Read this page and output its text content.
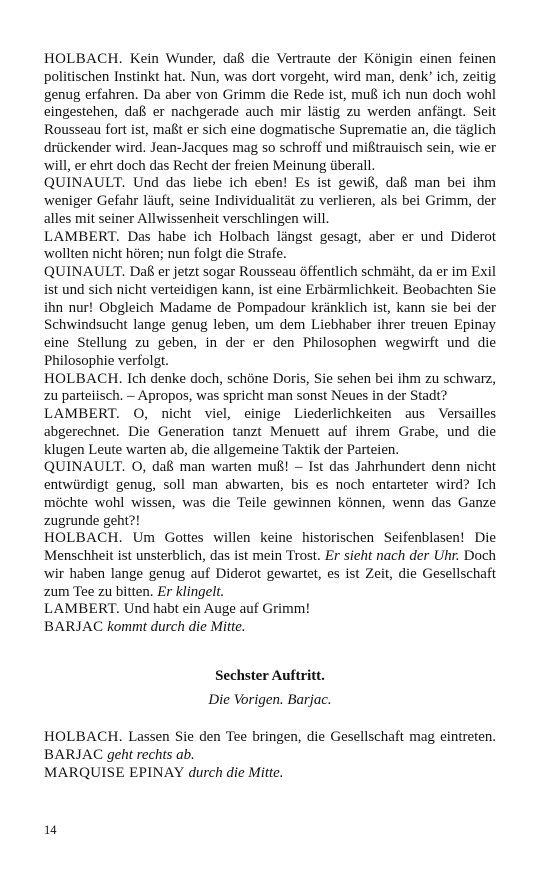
HOLBACH. Kein Wunder, daß die Vertraute der Königin einen feinen politischen Instinkt hat. Nun, was dort vorgeht, wird man, denk’ ich, zeitig genug erfahren. Da aber von Grimm die Rede ist, muß ich nun doch wohl eingestehen, daß er nachgerade auch mir lästig zu werden anfängt. Seit Rousseau fort ist, maßt er sich eine dogmatische Suprematie an, die täglich drückender wird. Jean-Jacques mag so schroff und mißtrauisch sein, wie er will, er ehrt doch das Recht der freien Meinung überall.

QUINAULT. Und das liebe ich eben! Es ist gewiß, daß man bei ihm weniger Gefahr läuft, seine Individualität zu verlieren, als bei Grimm, der alles mit seiner Allwissenheit verschlingen will.

LAMBERT. Das habe ich Holbach längst gesagt, aber er und Diderot wollten nicht hören; nun folgt die Strafe.

QUINAULT. Daß er jetzt sogar Rousseau öffentlich schmäht, da er im Exil ist und sich nicht verteidigen kann, ist eine Erbärmlichkeit. Beobachten Sie ihn nur! Obgleich Madame de Pompadour kränklich ist, kann sie bei der Schwindsucht lange genug leben, um dem Liebhaber ihrer treuen Epinay eine Stellung zu geben, in der er den Philosophen wegwirft und die Philosophie verfolgt.

HOLBACH. Ich denke doch, schöne Doris, Sie sehen bei ihm zu schwarz, zu parteiisch. – Apropos, was spricht man sonst Neues in der Stadt?

LAMBERT. O, nicht viel, einige Liederlichkeiten aus Versailles abgerechnet. Die Generation tanzt Menuett auf ihrem Grabe, und die klugen Leute warten ab, die allgemeine Taktik der Parteien.

QUINAULT. O, daß man warten muß! – Ist das Jahrhundert denn nicht entwürdigt genug, soll man abwarten, bis es noch entarteter wird? Ich möchte wohl wissen, was die Teile gewinnen können, wenn das Ganze zugrunde geht?!

HOLBACH. Um Gottes willen keine historischen Seifenblasen! Die Menschheit ist unsterblich, das ist mein Trost. Er sieht nach der Uhr. Doch wir haben lange genug auf Diderot gewartet, es ist Zeit, die Gesellschaft zum Tee zu bitten. Er klingelt.

LAMBERT. Und habt ein Auge auf Grimm!

BARJAC kommt durch die Mitte.

Sechster Auftritt.
Die Vorigen. Barjac.

HOLBACH. Lassen Sie den Tee bringen, die Gesellschaft mag eintreten.

BARJAC geht rechts ab.

MARQUISE EPINAY durch die Mitte.

14
